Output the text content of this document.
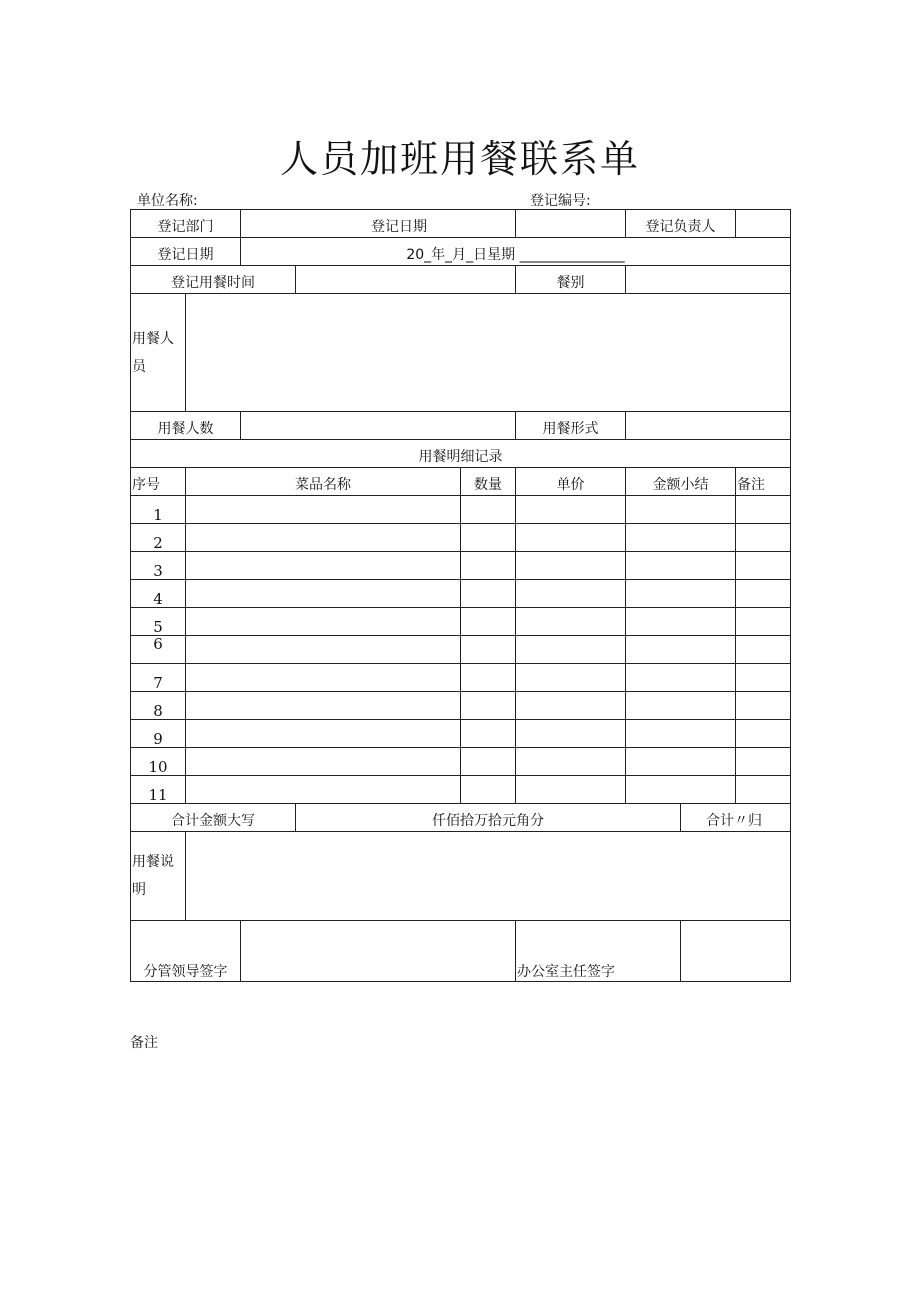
人员加班用餐联系单
单位名称:	登记编号:
登记部门		登记日期				登记负责人		
登记日期		20_年_月_日星期 _______________						
登记用餐时间					餐别			
用餐人员								
用餐人数					用餐形式			
用餐明细记录								
序号	菜品名称			数量	单价	金额小结		备注
1								
2								
3								
4								
5								
6								
7								
8								
9								
10								
11								
合计金额大写			仟佰拾万拾元角分				合计〃归	
用餐说明								
分管领导签字					办公室主任签字			
备注
